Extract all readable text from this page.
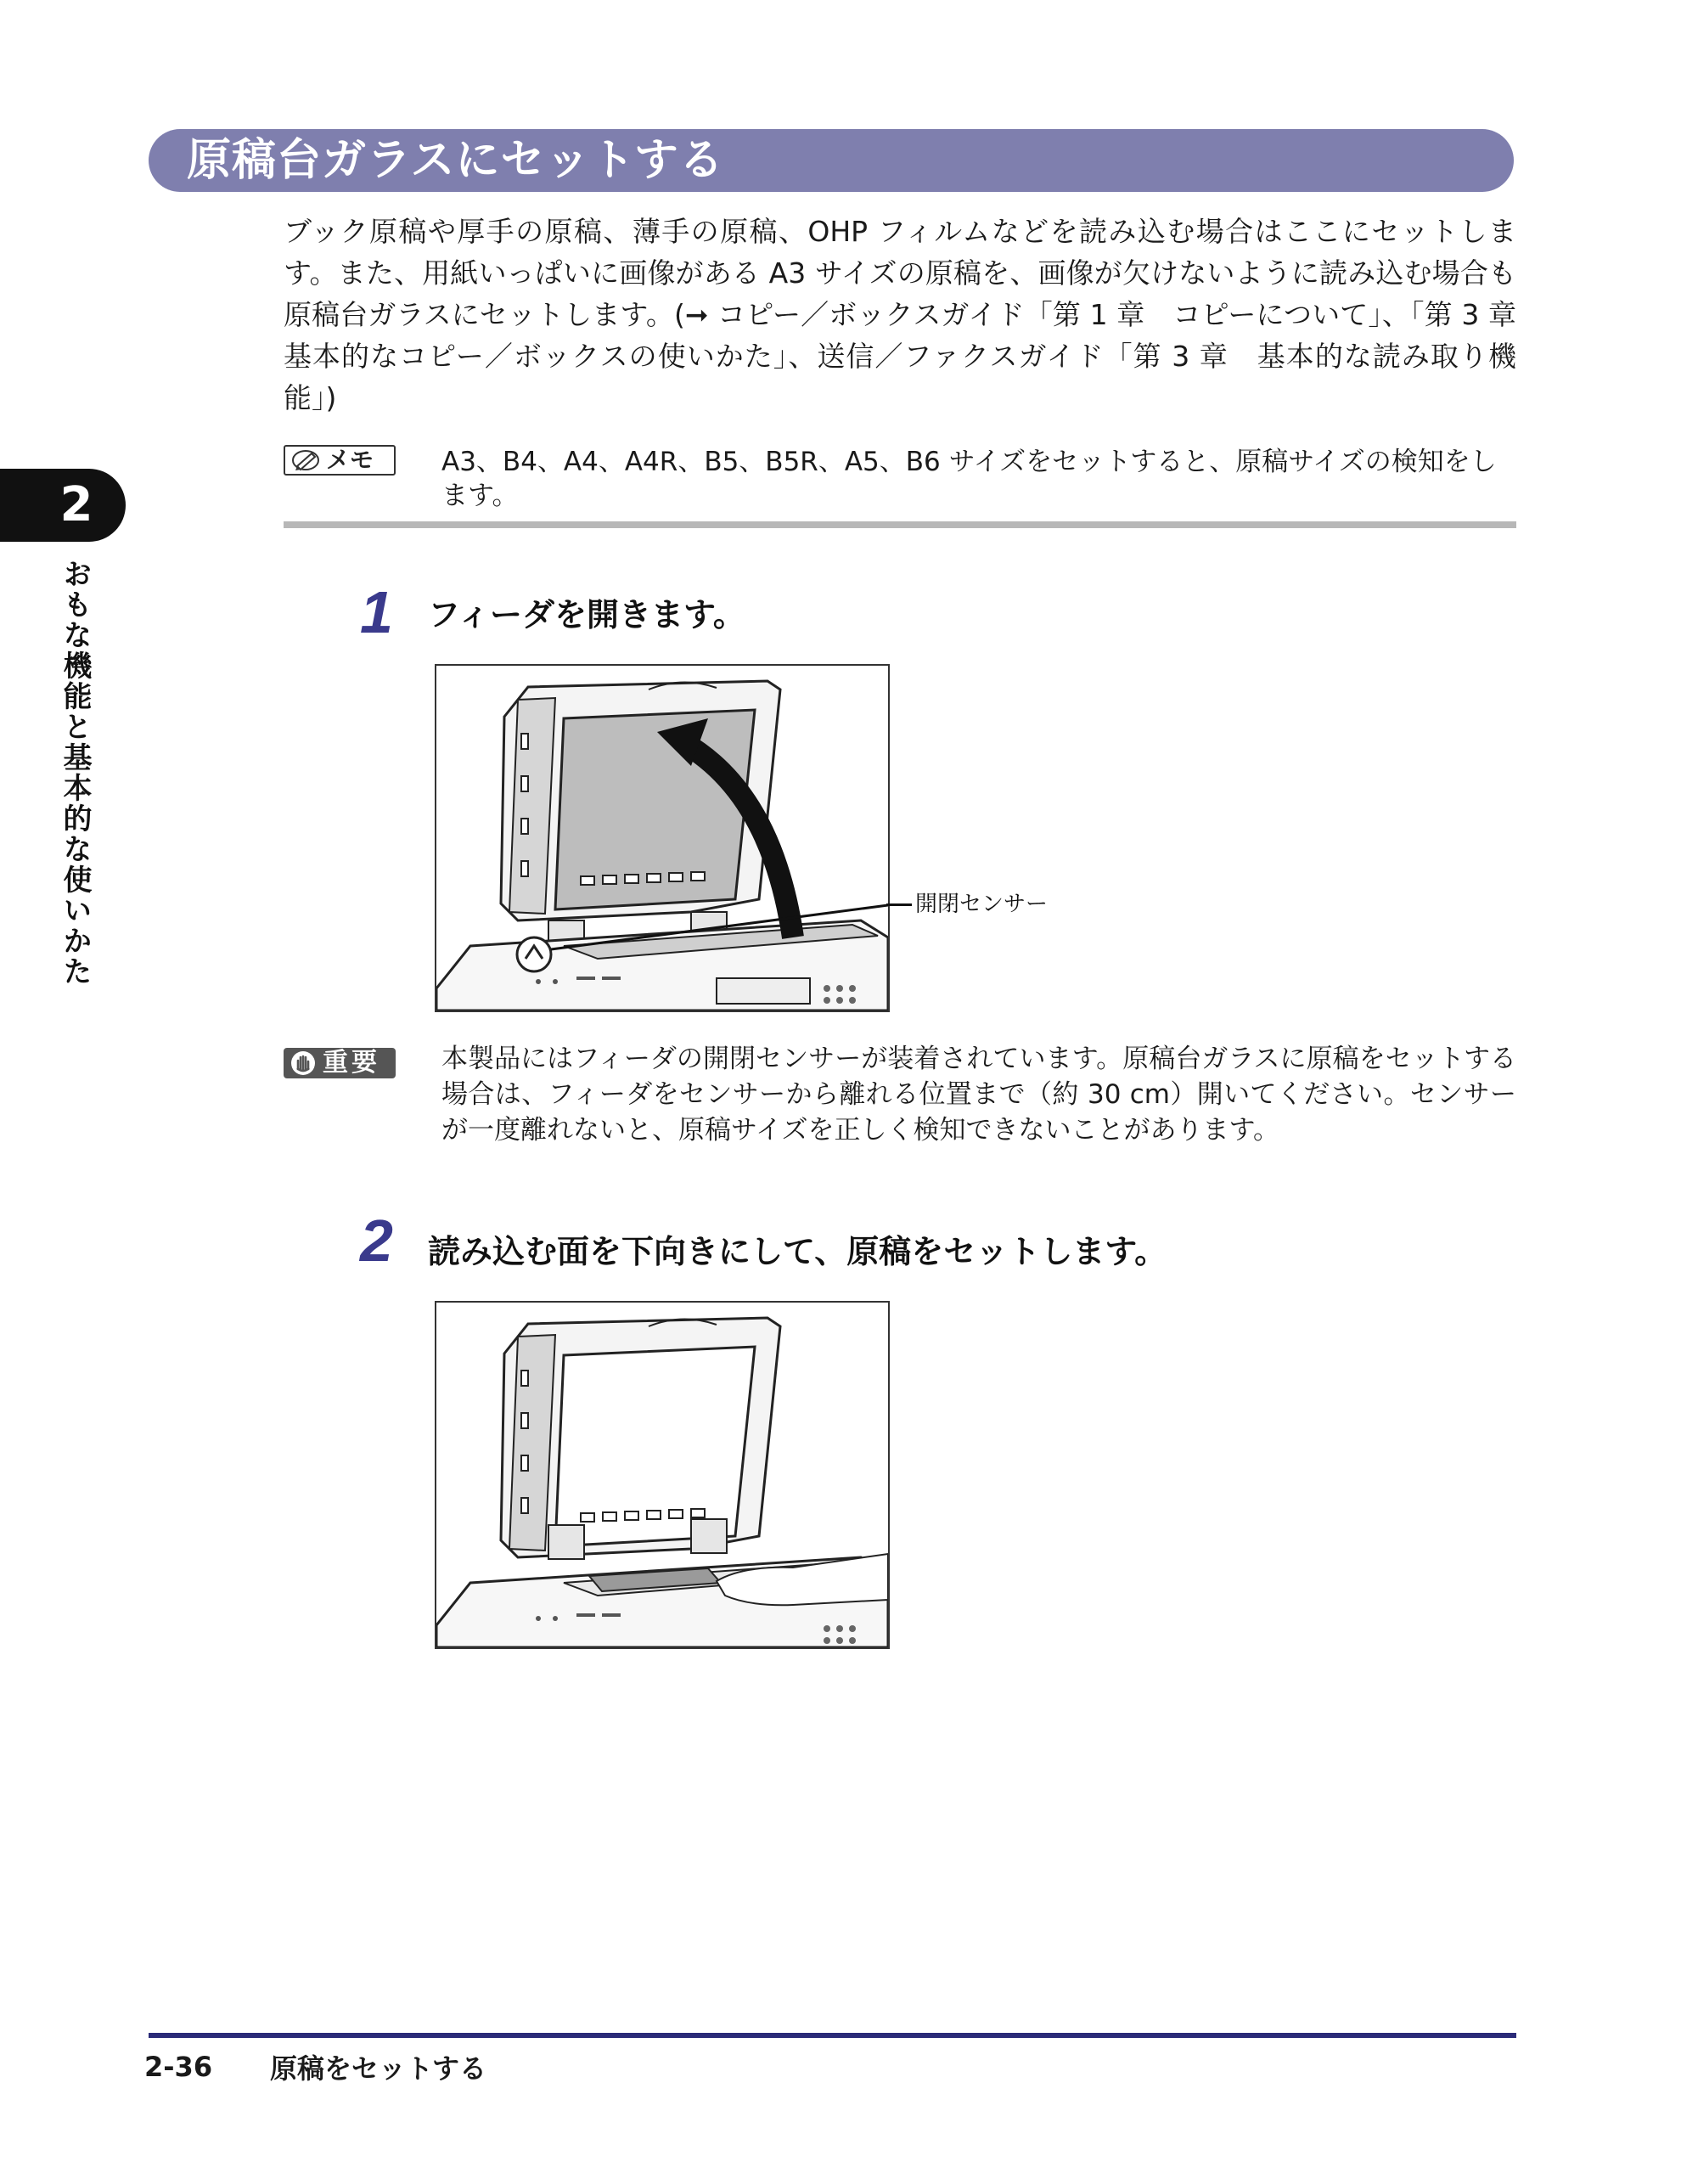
原稿台ガラスにセットする
ブック原稿や厚手の原稿、薄手の原稿、OHP フィルムなどを読み込む場合はここにセットします。また、用紙いっぱいに画像がある A3 サイズの原稿を、画像が欠けないように読み込む場合も原稿台ガラスにセットします。(➞ コピー／ボックスガイド「第 1 章　コピーについて」、「第 3 章　基本的なコピー／ボックスの使いかた」、送信／ファクスガイド「第 3 章　基本的な読み取り機能」)
メモ	A3、B4、A4、A4R、B5、B5R、A5、B6 サイズをセットすると、原稿サイズの検知をします。
2
おもな機能と基本的な使いかた	1 フィーダを開きます。
開閉センサー
重要 本製品にはフィーダの開閉センサーが装着されています。原稿台ガラスに原稿をセットする場合は、フィーダをセンサーから離れる位置まで（約 30 cm）開いてください。センサーが一度離れないと、原稿サイズを正しく検知できないことがあります。
2 読み込む面を下向きにして、原稿をセットします。
2-36 原稿をセットする
